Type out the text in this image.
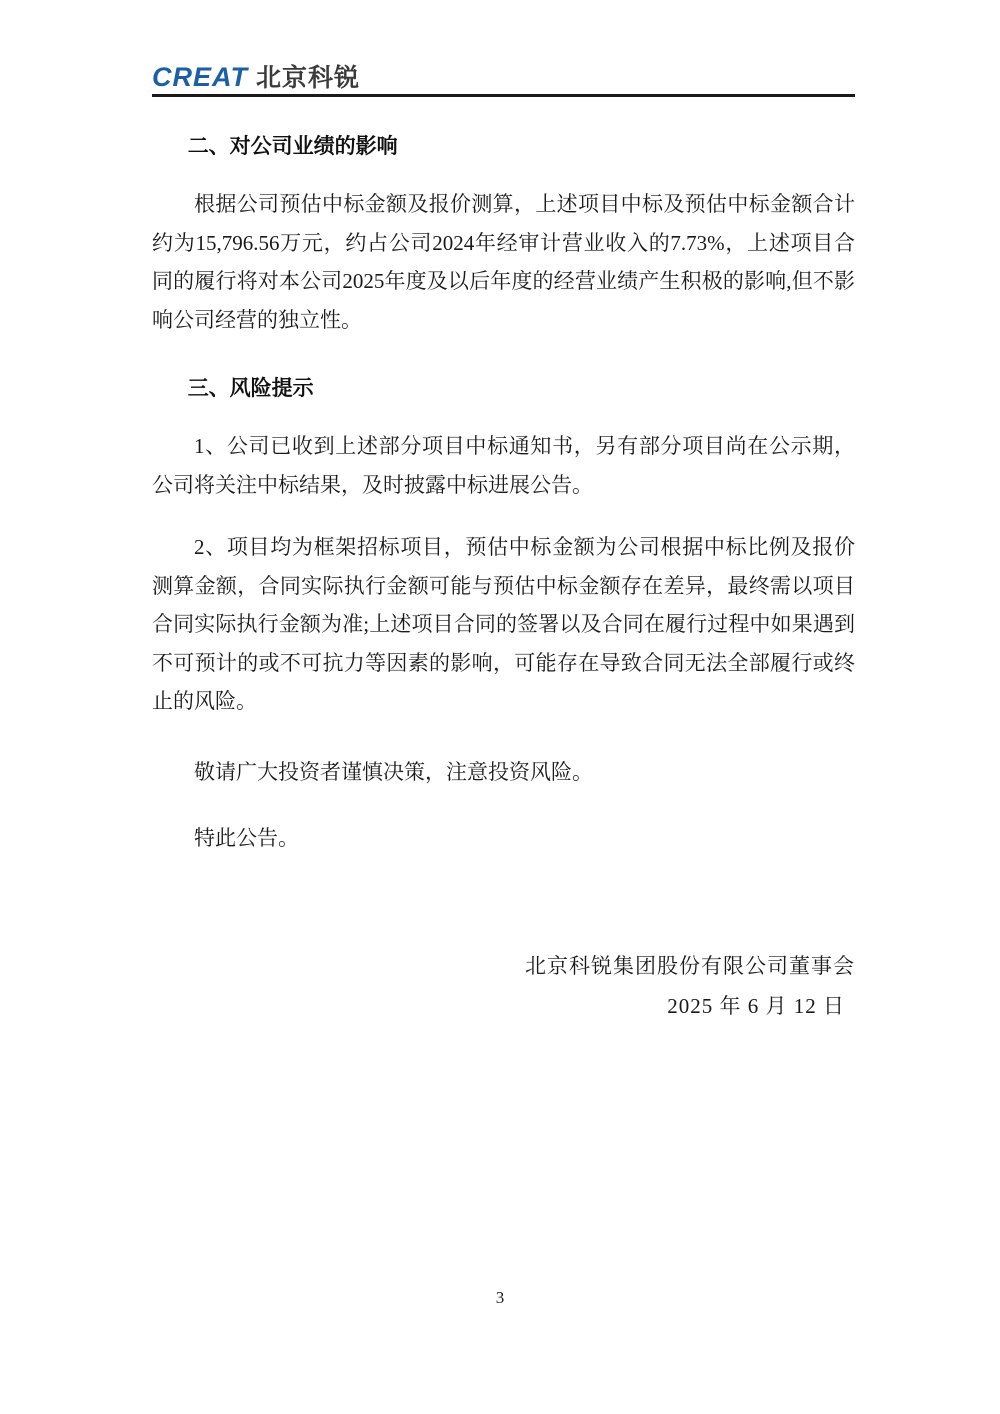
CREAT 北京科锐
二、对公司业绩的影响

根据公司预估中标金额及报价测算，上述项目中标及预估中标金额合计约为15,796.56万元，约占公司2024年经审计营业收入的7.73%，上述项目合同的履行将对本公司2025年度及以后年度的经营业绩产生积极的影响,但不影响公司经营的独立性。

三、风险提示

1、公司已收到上述部分项目中标通知书，另有部分项目尚在公示期，公司将关注中标结果，及时披露中标进展公告。

2、项目均为框架招标项目，预估中标金额为公司根据中标比例及报价测算金额，合同实际执行金额可能与预估中标金额存在差异，最终需以项目合同实际执行金额为准;上述项目合同的签署以及合同在履行过程中如果遇到不可预计的或不可抗力等因素的影响，可能存在导致合同无法全部履行或终止的风险。

敬请广大投资者谨慎决策，注意投资风险。

特此公告。

北京科锐集团股份有限公司董事会
2025 年 6 月 12 日
3
